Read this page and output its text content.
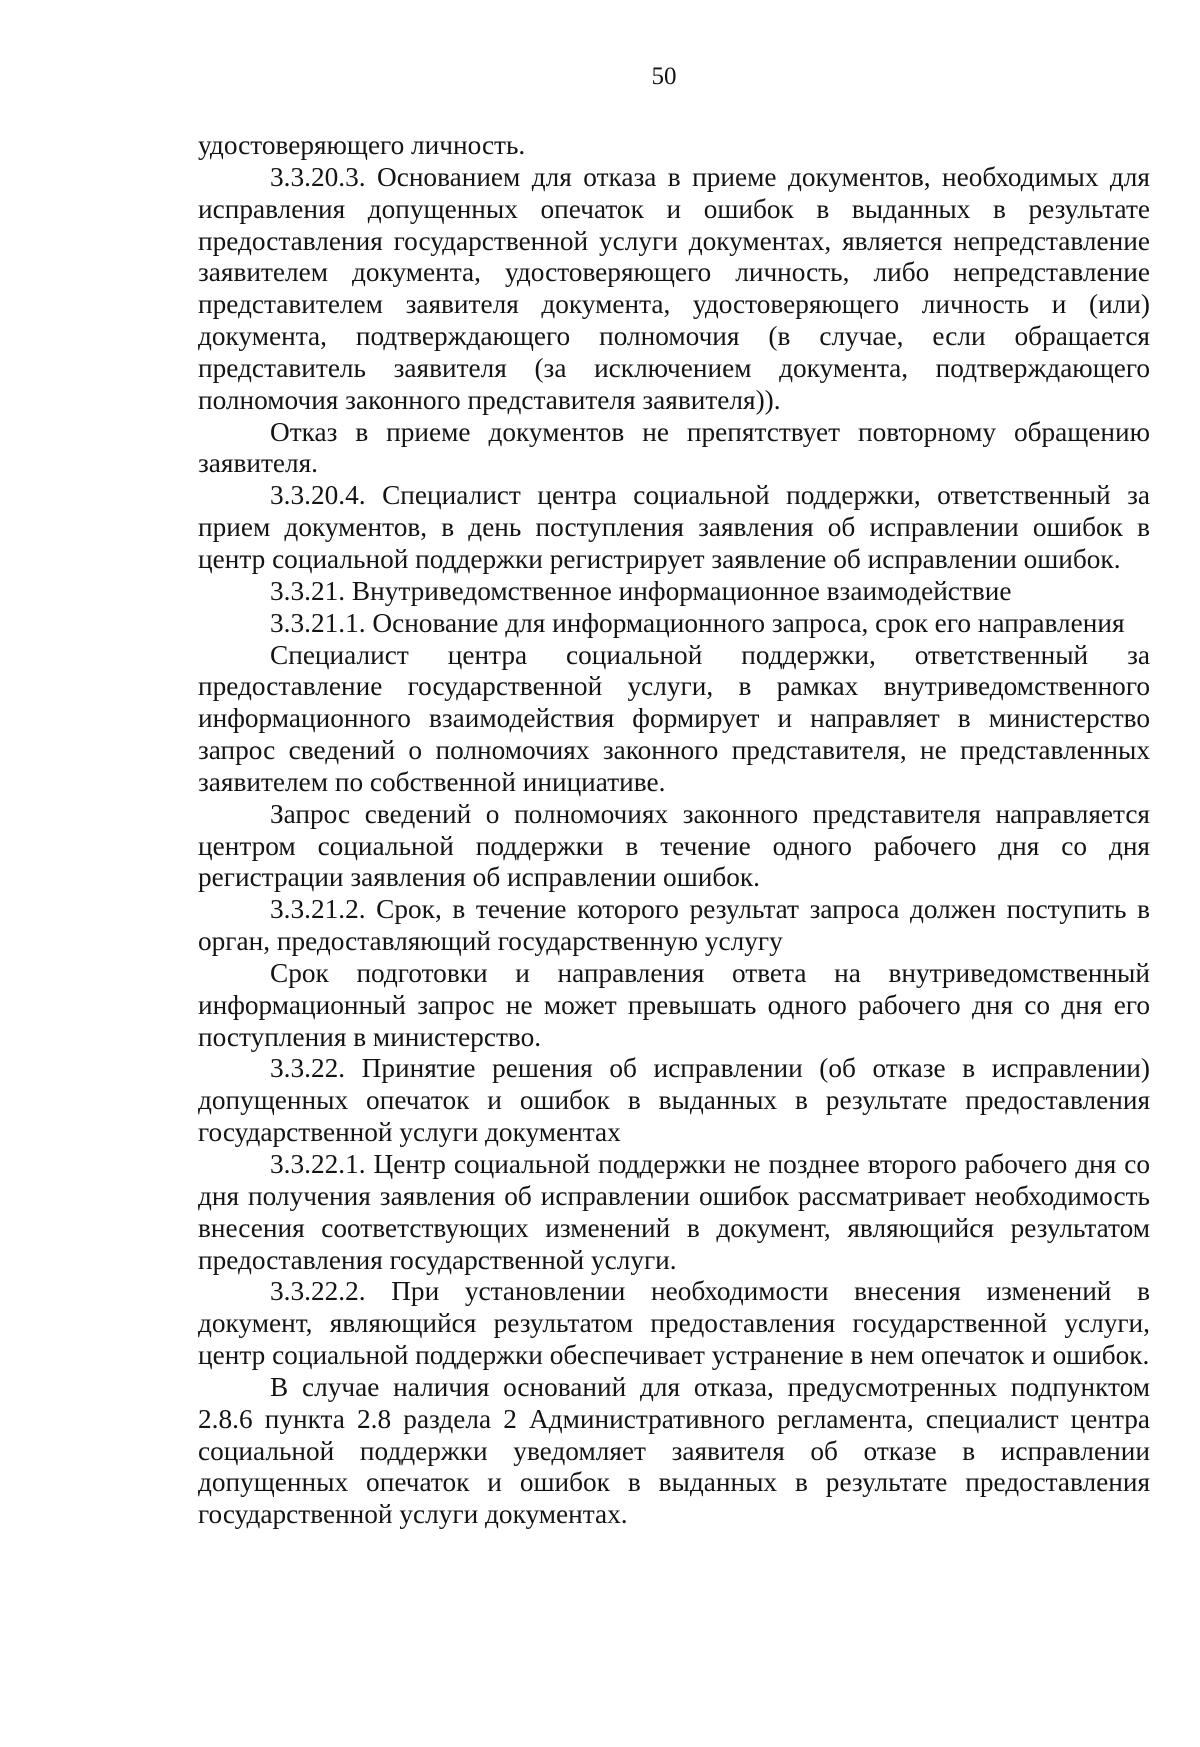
50

удостоверяющего личность.

3.3.20.3. Основанием для отказа в приеме документов, необходимых для исправления допущенных опечаток и ошибок в выданных в результате предоставления государственной услуги документах, является непредставление заявителем документа, удостоверяющего личность, либо непредставление представителем заявителя документа, удостоверяющего личность и (или) документа, подтверждающего полномочия (в случае, если обращается представитель заявителя (за исключением документа, подтверждающего полномочия законного представителя заявителя)).

Отказ в приеме документов не препятствует повторному обращению заявителя.

3.3.20.4. Специалист центра социальной поддержки, ответственный за прием документов, в день поступления заявления об исправлении ошибок в центр социальной поддержки регистрирует заявление об исправлении ошибок.

3.3.21. Внутриведомственное информационное взаимодействие

3.3.21.1. Основание для информационного запроса, срок его направления

Специалист центра социальной поддержки, ответственный за предоставление государственной услуги, в рамках внутриведомственного информационного взаимодействия формирует и направляет в министерство запрос сведений о полномочиях законного представителя, не представленных заявителем по собственной инициативе.

Запрос сведений о полномочиях законного представителя направляется центром социальной поддержки в течение одного рабочего дня со дня регистрации заявления об исправлении ошибок.

3.3.21.2. Срок, в течение которого результат запроса должен поступить в орган, предоставляющий государственную услугу

Срок подготовки и направления ответа на внутриведомственный информационный запрос не может превышать одного рабочего дня со дня его поступления в министерство.

3.3.22. Принятие решения об исправлении (об отказе в исправлении) допущенных опечаток и ошибок в выданных в результате предоставления государственной услуги документах

3.3.22.1. Центр социальной поддержки не позднее второго рабочего дня со дня получения заявления об исправлении ошибок рассматривает необходимость внесения соответствующих изменений в документ, являющийся результатом предоставления государственной услуги.

3.3.22.2. При установлении необходимости внесения изменений в документ, являющийся результатом предоставления государственной услуги, центр социальной поддержки обеспечивает устранение в нем опечаток и ошибок.

В случае наличия оснований для отказа, предусмотренных подпунктом 2.8.6 пункта 2.8 раздела 2 Административного регламента, специалист центра социальной поддержки уведомляет заявителя об отказе в исправлении допущенных опечаток и ошибок в выданных в результате предоставления государственной услуги документах.
